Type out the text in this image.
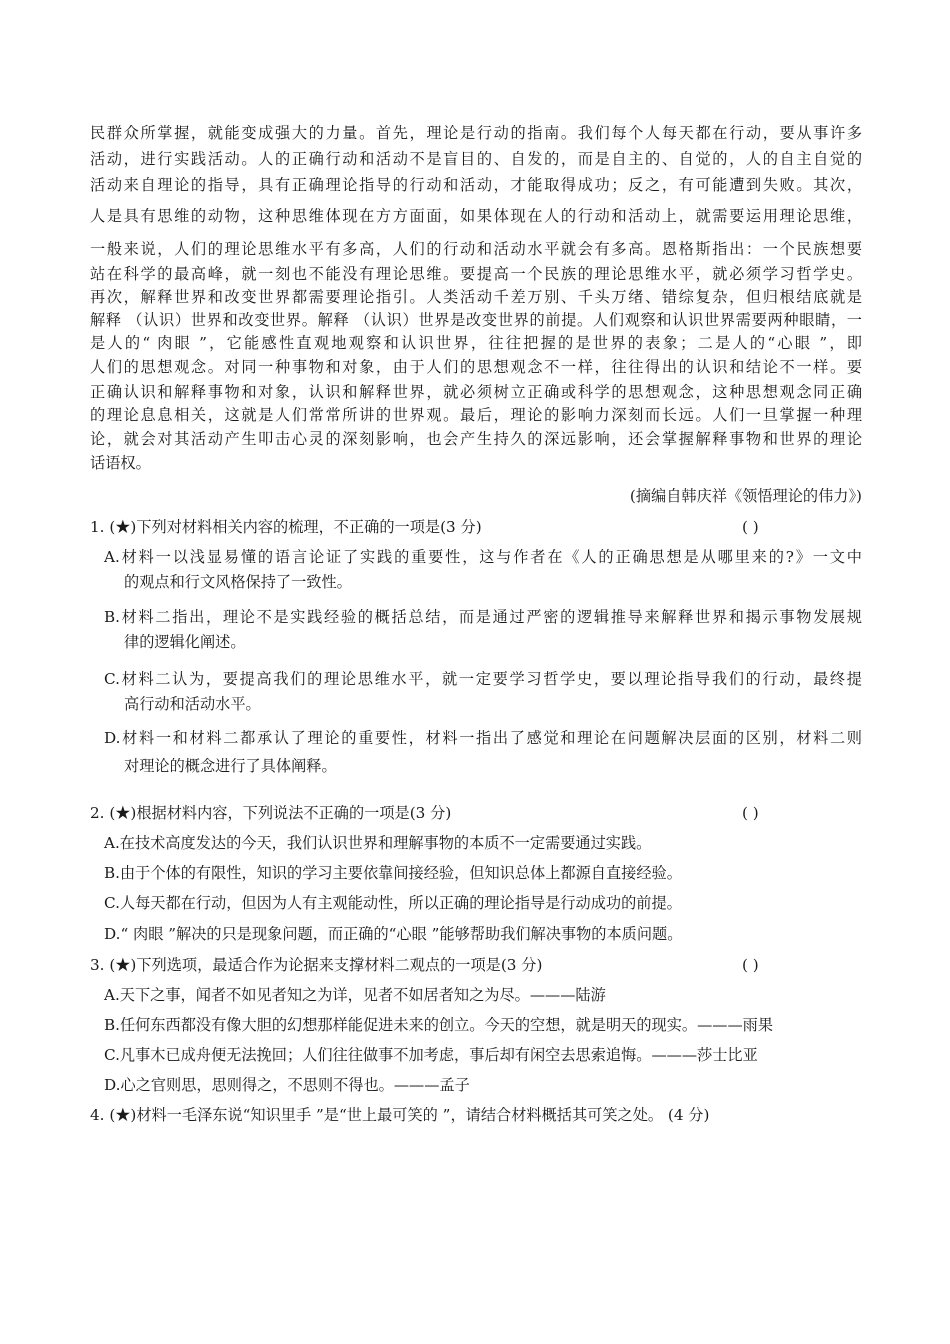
民群众所掌握，就能变成强大的力量。首先，理论是行动的指南。我们每个人每天都在行动，要从事许多
活动，进行实践活动。人的正确行动和活动不是盲目的、自发的，而是自主的、自觉的，人的自主自觉的
活动来自理论的指导，具有正确理论指导的行动和活动，才能取得成功；反之，有可能遭到失败。其次，
人是具有思维的动物，这种思维体现在方方面面，如果体现在人的行动和活动上，就需要运用理论思维，
一般来说，人们的理论思维水平有多高，人们的行动和活动水平就会有多高。恩格斯指出：一个民族想要
站在科学的最高峰，就一刻也不能没有理论思维。要提高一个民族的理论思维水平，就必须学习哲学史。
再次，解释世界和改变世界都需要理论指引。人类活动千差万别、千头万绪、错综复杂，但归根结底就是
解释 （认识）世界和改变世界。解释 （认识）世界是改变世界的前提。人们观察和认识世界需要两种眼睛，一
是人的“ 肉眼 ”，它能感性直观地观察和认识世界，往往把握的是世界的表象；二是人的“心眼 ”，即
人们的思想观念。对同一种事物和对象，由于人们的思想观念不一样，往往得出的认识和结论不一样。要
正确认识和解释事物和对象，认识和解释世界，就必须树立正确或科学的思想观念，这种思想观念同正确
的理论息息相关，这就是人们常常所讲的世界观。最后，理论的影响力深刻而长远。人们一旦掌握一种理
论，就会对其活动产生叩击心灵的深刻影响，也会产生持久的深远影响，还会掌握解释事物和世界的理论
话语权。
(摘编自韩庆祥《领悟理论的伟力》)
1. (★)下列对材料相关内容的梳理，不正确的一项是(3 分)	( )
A.材料一以浅显易懂的语言论证了实践的重要性，这与作者在《人的正确思想是从哪里来的?》一文中
的观点和行文风格保持了一致性。
B.材料二指出，理论不是实践经验的概括总结，而是通过严密的逻辑推导来解释世界和揭示事物发展规
律的逻辑化阐述。
C.材料二认为，要提高我们的理论思维水平，就一定要学习哲学史，要以理论指导我们的行动，最终提
高行动和活动水平。
D.材料一和材料二都承认了理论的重要性，材料一指出了感觉和理论在问题解决层面的区别，材料二则
对理论的概念进行了具体阐释。
2. (★)根据材料内容，下列说法不正确的一项是(3 分)	( )
A.在技术高度发达的今天，我们认识世界和理解事物的本质不一定需要通过实践。
B.由于个体的有限性，知识的学习主要依靠间接经验，但知识总体上都源自直接经验。
C.人每天都在行动，但因为人有主观能动性，所以正确的理论指导是行动成功的前提。
D.“ 肉眼 ”解决的只是现象问题，而正确的“心眼 ”能够帮助我们解决事物的本质问题。
3. (★)下列选项，最适合作为论据来支撑材料二观点的一项是(3 分)	( )
A.天下之事，闻者不如见者知之为详，见者不如居者知之为尽。———陆游
B.任何东西都没有像大胆的幻想那样能促进未来的创立。今天的空想，就是明天的现实。———雨果
C.凡事木已成舟便无法挽回；人们往往做事不加考虑，事后却有闲空去思索追悔。———莎士比亚
D.心之官则思，思则得之，不思则不得也。———孟子
4. (★)材料一毛泽东说“知识里手 ”是“世上最可笑的 ”，请结合材料概括其可笑之处。 (4 分)
